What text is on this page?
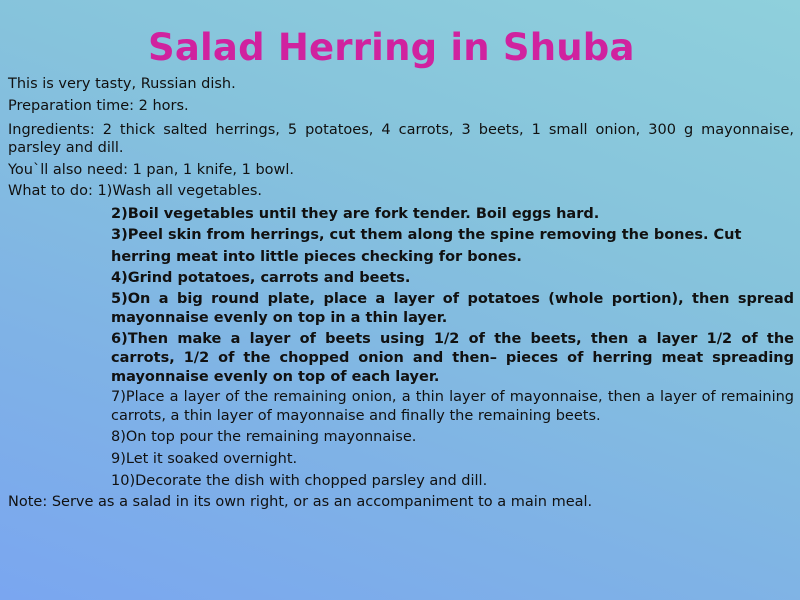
Salad Herring in Shuba
This is very tasty, Russian dish.
Preparation time: 2 hors.
Ingredients: 2 thick salted herrings, 5 potatoes, 4 carrots, 3 beets, 1 small onion, 300 g mayonnaise, parsley and dill.
You`ll also need: 1 pan, 1 knife, 1 bowl.
What to do: 1)Wash all vegetables.
2)Boil vegetables until they are fork tender. Boil eggs hard.
3)Peel skin from herrings, cut them along the spine removing the bones. Cut
herring meat into little pieces checking for bones.
4)Grind potatoes, carrots and beets.
5)On a big round plate, place a layer of potatoes (whole portion), then spread mayonnaise evenly on top in a thin layer.
6)Then make a layer of beets using 1/2 of the beets, then a layer 1/2 of the carrots, 1/2 of the chopped onion and then– pieces of herring meat spreading mayonnaise evenly on top of each layer.
7)Place a layer of the remaining onion, a thin layer of mayonnaise, then a layer of remaining carrots, a thin layer of mayonnaise and finally the remaining beets.
8)On top pour the remaining mayonnaise.
9)Let it soaked overnight.
10)Decorate the dish with chopped parsley and dill.
Note: Serve as a salad in its own right, or as an accompaniment to a main meal.
